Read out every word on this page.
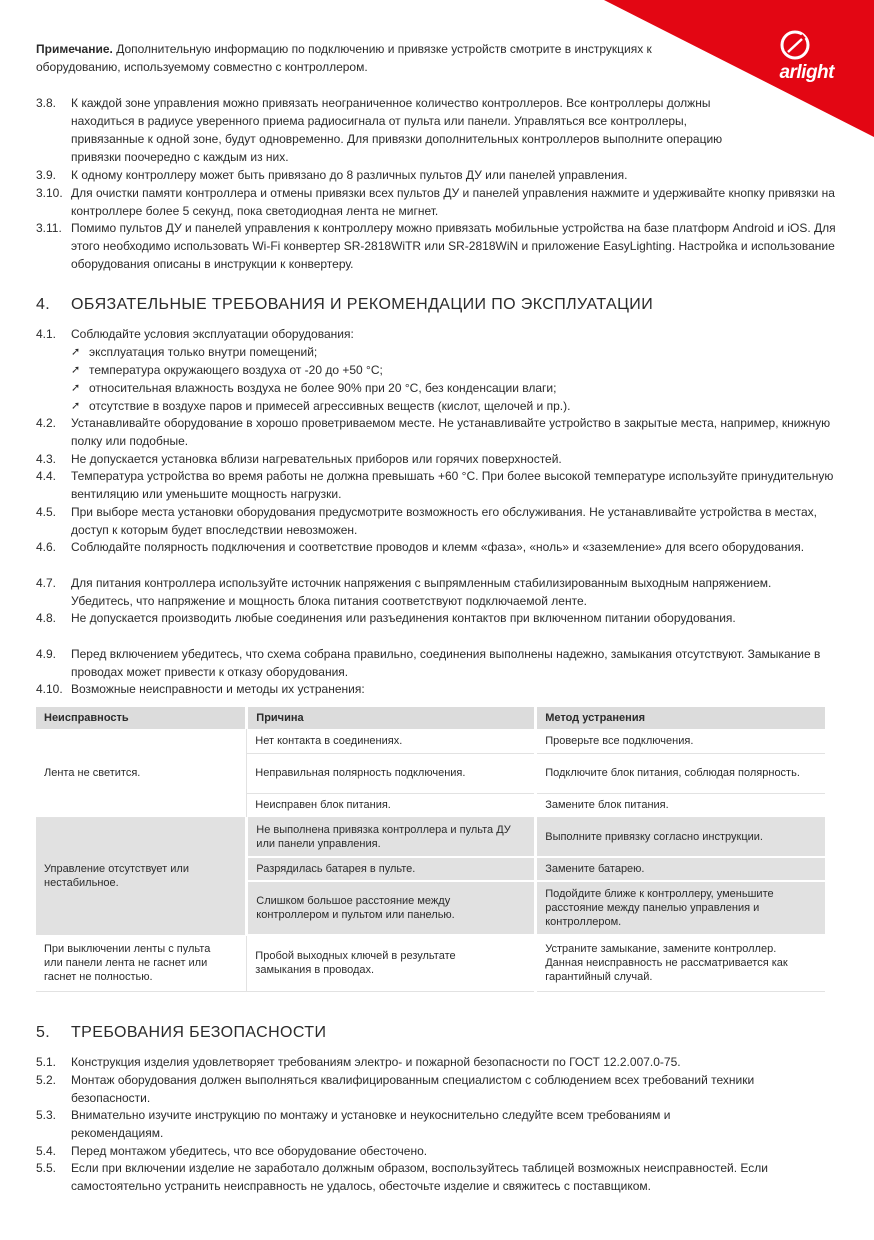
arlight
Примечание. Дополнительную информацию по подключению и привязке устройств смотрите в инструкциях к оборудованию, используемому совместно с контроллером.
3.8.	К каждой зоне управления можно привязать неограниченное количество контроллеров. Все контроллеры должны находиться в радиусе уверенного приема радиосигнала от пульта или панели. Управляться все контроллеры, привязанные к одной зоне, будут одновременно. Для привязки дополнительных контроллеров выполните операцию привязки поочередно с каждым из них.
3.9.	К одному контроллеру может быть привязано до 8 различных пультов ДУ или панелей управления.
3.10. Для очистки памяти контроллера и отмены привязки всех пультов ДУ и панелей управления нажмите и удерживайте кнопку привязки на контроллере более 5 секунд, пока светодиодная лента не мигнет.
3.11. Помимо пультов ДУ и панелей управления к контроллеру можно привязать мобильные устройства на базе платформ Android и iOS. Для этого необходимо использовать Wi-Fi конвертер SR-2818WiTR или SR-2818WiN и приложение EasyLighting. Настройка и использование оборудования описаны в инструкции к конвертеру.
4. ОБЯЗАТЕЛЬНЫЕ ТРЕБОВАНИЯ И РЕКОМЕНДАЦИИ ПО ЭКСПЛУАТАЦИИ
4.1.	Соблюдайте условия эксплуатации оборудования:
➚ эксплуатация только внутри помещений;
➚ температура окружающего воздуха от -20 до +50 °C;
➚ относительная влажность воздуха не более 90% при 20 °C, без конденсации влаги;
➚ отсутствие в воздухе паров и примесей агрессивных веществ (кислот, щелочей и пр.).
4.2.	Устанавливайте оборудование в хорошо проветриваемом месте. Не устанавливайте устройство в закрытые места, например, книжную полку или подобные.
4.3.	Не допускается установка вблизи нагревательных приборов или горячих поверхностей.
4.4.	Температура устройства во время работы не должна превышать +60 °C. При более высокой температуре используйте принудительную вентиляцию или уменьшите мощность нагрузки.
4.5.	При выборе места установки оборудования предусмотрите возможность его обслуживания. Не устанавливайте устройства в местах, доступ к которым будет впоследствии невозможен.
4.6.	Соблюдайте полярность подключения и соответствие проводов и клемм «фаза», «ноль» и «заземление» для всего оборудования.
4.7.	Для питания контроллера используйте источник напряжения с выпрямленным стабилизированным выходным напряжением. Убедитесь, что напряжение и мощность блока питания соответствуют подключаемой ленте.
4.8.	Не допускается производить любые соединения или разъединения контактов при включенном питании оборудования.
4.9.	Перед включением убедитесь, что схема собрана правильно, соединения выполнены надежно, замыкания отсутствуют. Замыкание в проводах может привести к отказу оборудования.
4.10. Возможные неисправности и методы их устранения:
Неисправность	Причина	Метод устранения
Лента не светится.	Нет контакта в соединениях.	Проверьте все подключения.
	Неправильная полярность подключения.	Подключите блок питания, соблюдая полярность.
	Неисправен блок питания.	Замените блок питания.

Управление отсутствует или нестабильное.	Не выполнена привязка контроллера и пульта ДУ или панели управления.	Выполните привязку согласно инструкции.
	Разрядилась батарея в пульте.	Замените батарею.

	Слишком большое расстояние между контроллером и пультом или панелью.	Подойдите ближе к контроллеру, уменьшите расстояние между панелью управления и контроллером.

При выключении ленты с пульта или панели лента не гаснет или гаснет не полностью.	Пробой выходных ключей в результате замыкания в проводах.	Устраните замыкание, замените контроллер. Данная неисправность не рассматривается как гарантийный случай.
5. ТРЕБОВАНИЯ БЕЗОПАСНОСТИ
5.1.	Конструкция изделия удовлетворяет требованиям электро- и пожарной безопасности по ГОСТ 12.2.007.0-75.
5.2.	Монтаж оборудования должен выполняться квалифицированным специалистом с соблюдением всех требований техники безопасности.
5.3.	Внимательно изучите инструкцию по монтажу и установке и неукоснительно следуйте всем требованиям и рекомендациям.
5.4.	Перед монтажом убедитесь, что все оборудование обесточено.
5.5.	Если при включении изделие не заработало должным образом, воспользуйтесь таблицей возможных неисправностей. Если самостоятельно устранить неисправность не удалось, обесточьте изделие и свяжитесь с поставщиком.
